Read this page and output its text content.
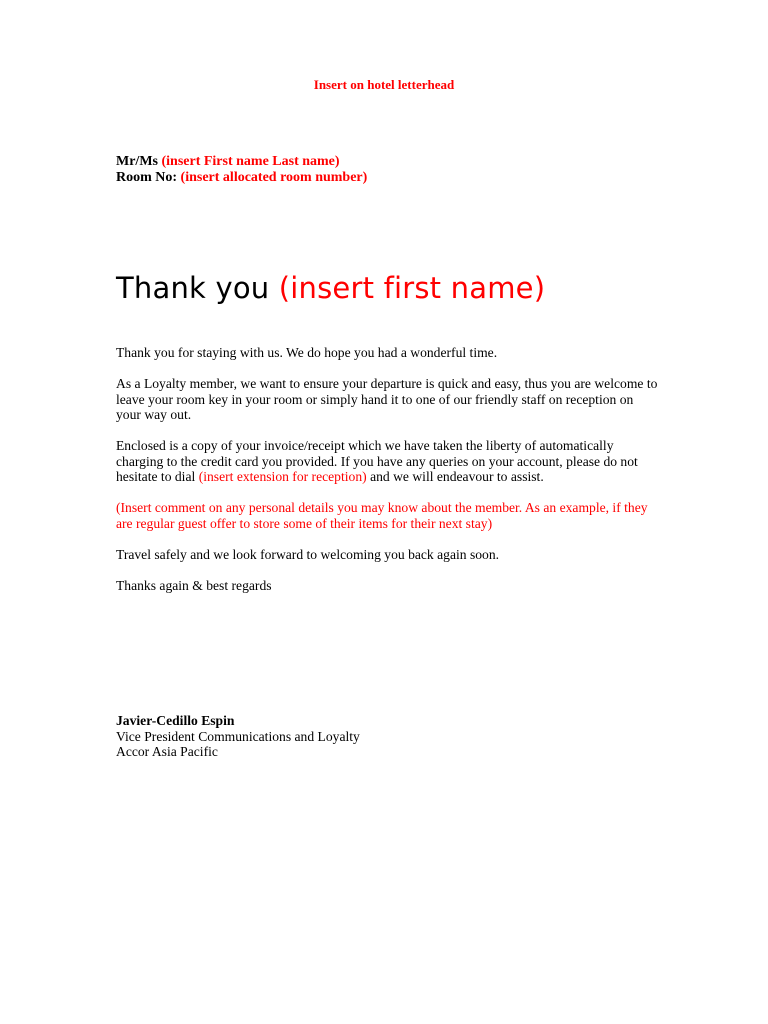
Insert on hotel letterhead
Mr/Ms (insert First name Last name)
Room No: (insert allocated room number)
Thank you (insert first name)

Thank you for staying with us. We do hope you had a wonderful time.

As a Loyalty member, we want to ensure your departure is quick and easy, thus you are welcome to leave your room key in your room or simply hand it to one of our friendly staff on reception on your way out.

Enclosed is a copy of your invoice/receipt which we have taken the liberty of automatically charging to the credit card you provided. If you have any queries on your account, please do not hesitate to dial (insert extension for reception) and we will endeavour to assist.

(Insert comment on any personal details you may know about the member. As an example, if they are regular guest offer to store some of their items for their next stay)

Travel safely and we look forward to welcoming you back again soon.

Thanks again & best regards

Javier-Cedillo Espin
Vice President Communications and Loyalty
Accor Asia Pacific
